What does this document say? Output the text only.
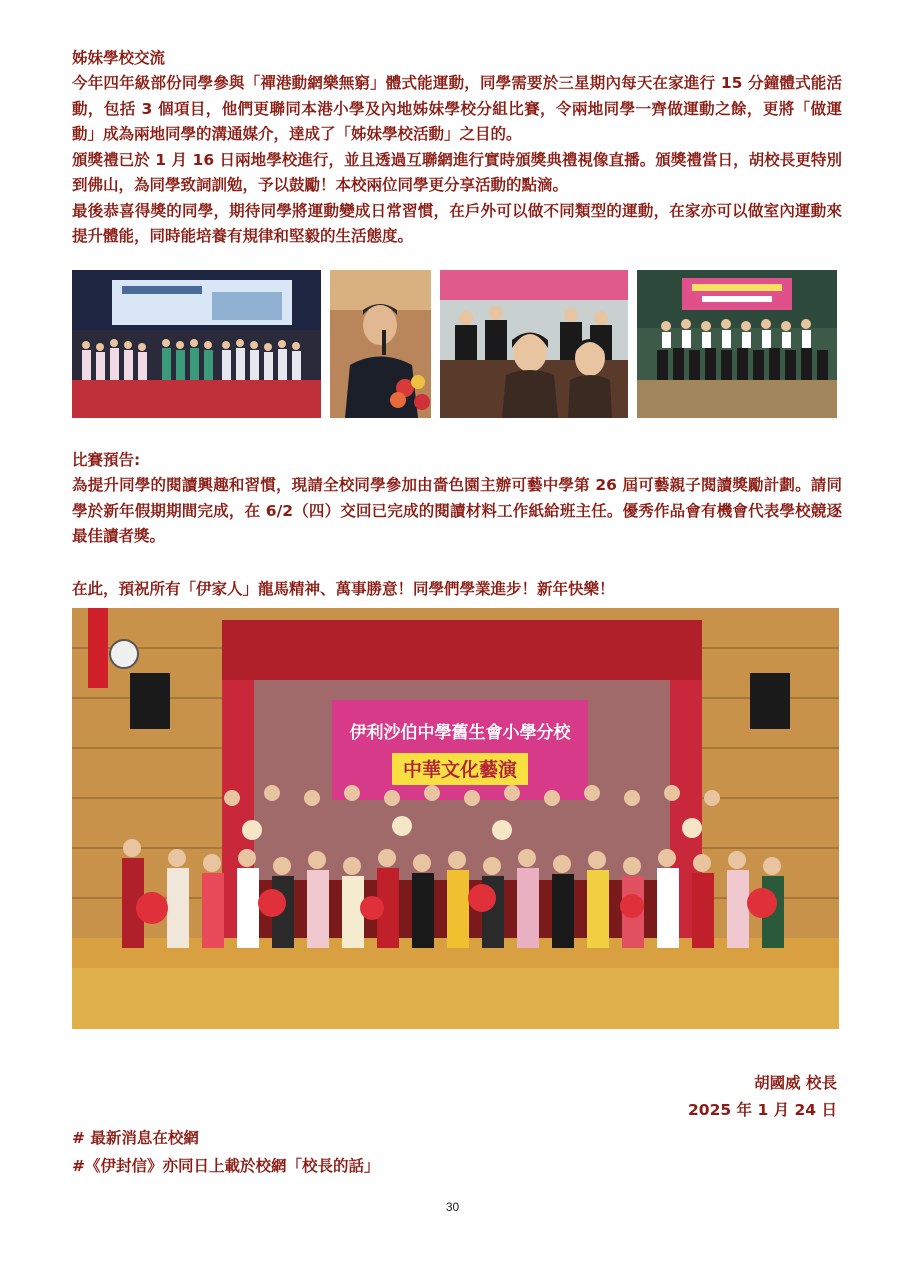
姊妹學校交流

今年四年級部份同學參與「禪港動網樂無窮」體式能運動，同學需要於三星期內每天在家進行 15 分鐘體式能活動，包括 3 個項目，他們更聯同本港小學及內地姊妹學校分組比賽，令兩地同學一齊做運動之餘，更將「做運動」成為兩地同學的溝通媒介，達成了「姊妹學校活動」之目的。

頒獎禮已於 1 月 16 日兩地學校進行，並且透過互聯網進行實時頒獎典禮視像直播。頒獎禮當日，胡校長更特別到佛山，為同學致詞訓勉，予以鼓勵！本校兩位同學更分享活動的點滴。

最後恭喜得獎的同學，期待同學將運動變成日常習慣，在戶外可以做不同類型的運動，在家亦可以做室內運動來提升體能，同時能培養有規律和堅毅的生活態度。

比賽預告:

為提升同學的閱讀興趣和習慣，現請全校同學參加由嗇色園主辦可藝中學第 26 屆可藝親子閱讀獎勵計劃。請同學於新年假期期間完成，在 6/2（四）交回已完成的閱讀材料工作紙給班主任。優秀作品會有機會代表學校競逐最佳讀者獎。

在此，預祝所有「伊家人」龍馬精神、萬事勝意！同學們學業進步！新年快樂！
伊利沙伯中學舊生會小學分校
中華文化藝演
胡國威 校長
2025 年 1 月 24 日
# 最新消息在校網
#《伊封信》亦同日上載於校網「校長的話」
30
